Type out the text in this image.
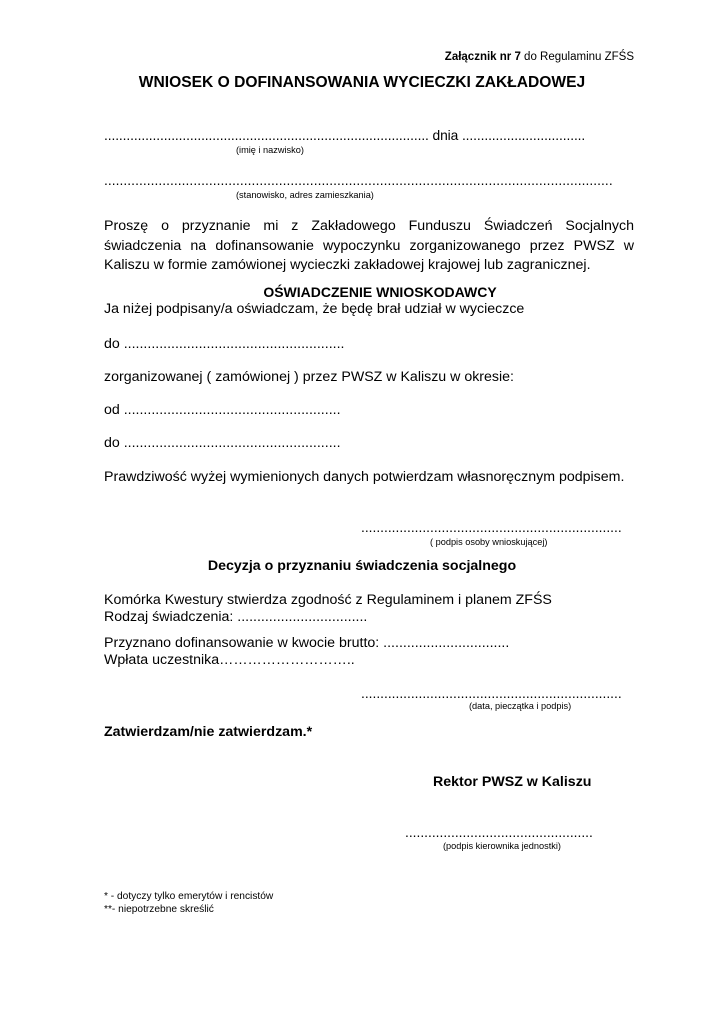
Załącznik nr 7 do Regulaminu ZFŚS
WNIOSEK O DOFINANSOWANIA WYCIECZKI ZAKŁADOWEJ
....................................................................................... dnia .................................
(imię i nazwisko)
...................................................................................................................................
(stanowisko, adres zamieszkania)
Proszę o przyznanie mi z Zakładowego Funduszu Świadczeń Socjalnych świadczenia na dofinansowanie wypoczynku zorganizowanego przez PWSZ w Kaliszu w formie zamówionej wycieczki zakładowej krajowej lub zagranicznej.
OŚWIADCZENIE WNIOSKODAWCY
Ja niżej podpisany/a oświadczam, że będę brał udział w wycieczce
do ........................................................
zorganizowanej ( zamówionej ) przez PWSZ w Kaliszu w okresie:
od .......................................................
do .......................................................
Prawdziwość wyżej wymienionych danych potwierdzam własnoręcznym podpisem.
....................................................................
( podpis osoby wnioskującej)
Decyzja o przyznaniu świadczenia socjalnego
Komórka Kwestury stwierdza zgodność z Regulaminem i planem ZFŚS
Rodzaj świadczenia: .................................
Przyznano dofinansowanie w kwocie brutto: ................................
Wpłata uczestnika………………………..
....................................................................
(data, pieczątka i podpis)
Zatwierdzam/nie zatwierdzam.*
Rektor PWSZ w Kaliszu
.................................................
(podpis kierownika jednostki)
* - dotyczy tylko emerytów i rencistów
**- niepotrzebne skreślić
